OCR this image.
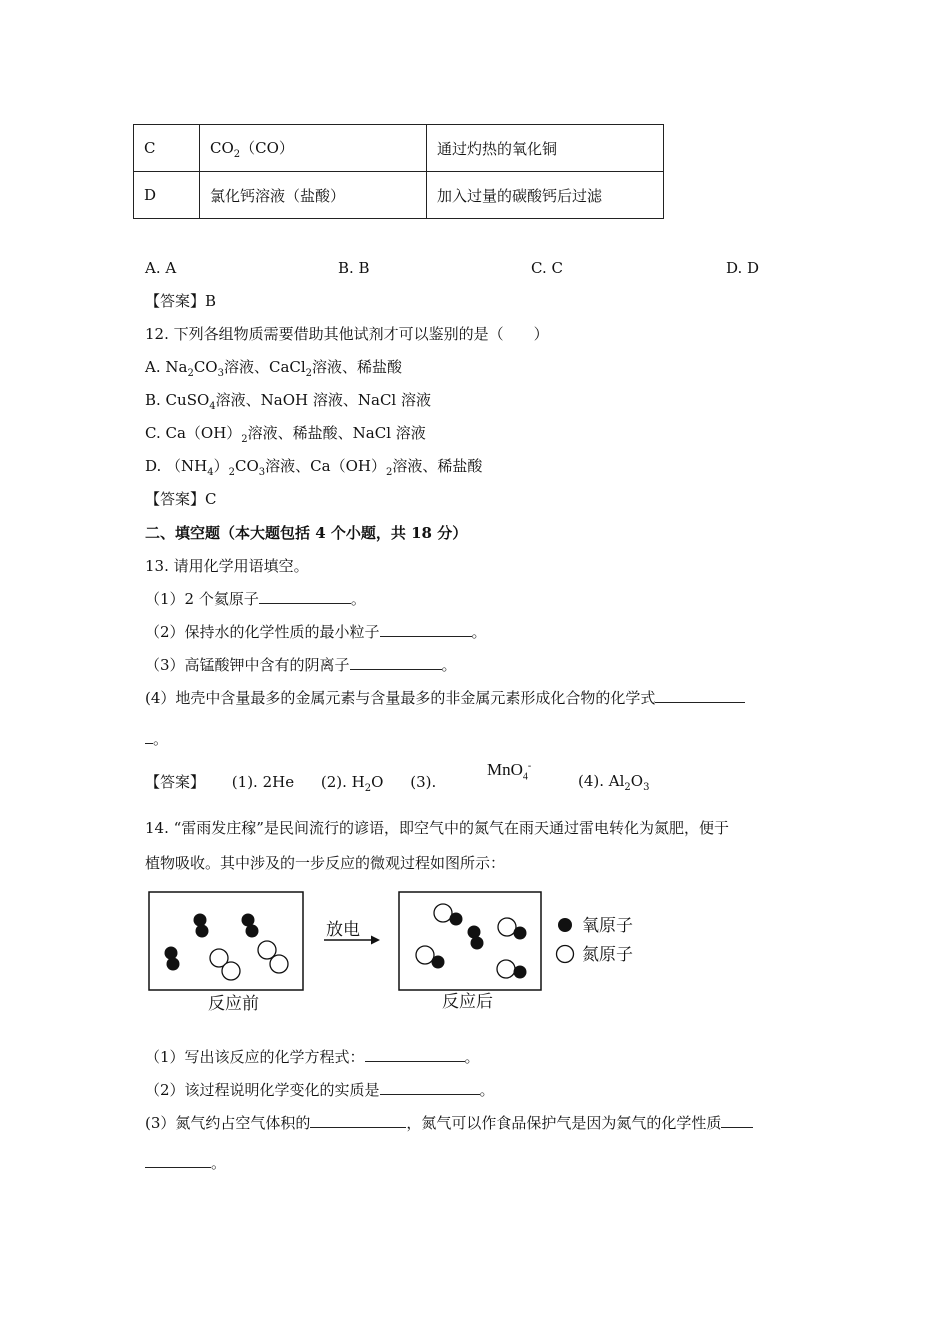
C	$CO_2(CO)$	通过灼热的氧化铜
D	氯化钙溶液（盐酸）	加入过量的碳酸钙后过滤
A. A	B. B	C. C	D. D
【答案】B
12. 下列各组物质需要借助其他试剂才可以鉴别的是（　　）
A. $Na_2CO_3$溶液、CaCl$_2$溶液、稀盐酸
B. CuSO$_4$溶液、NaOH 溶液、NaCl 溶液
C. $Ca(OH)_2$溶液、稀盐酸、NaCl 溶液
D. $(NH_4)_2CO_3$溶液、$Ca(OH)_2$溶液、稀盐酸
【答案】C
二、填空题（本大题包括 4 个小题，共 18 分）
13. 请用化学用语填空。
（1）2 个氦原子	。
（2）保持水的化学性质的最小粒子	。
（3）高锰酸钾中含有的阴离子	。
(4）地壳中含量最多的金属元素与含量最多的非金属元素形成化合物的化学式
。
【答案】 (1). 2He (2). $H_2O$ (3).
MnO$_4$-
(4). $Al_2O_3$
14. “雷雨发庄稼”是民间流行的谚语，即空气中的氮气在雨天通过雷电转化为氮肥，便于
植物吸收。其中涉及的一步反应的微观过程如图所示：
放电	氧原子
氮原子
反应前	反应后
（1）写出该反应的化学方程式：	。
（2）该过程说明化学变化的实质是	。
(3）氮气约占空气体积的	，氮气可以作食品保护气是因为氮气的化学性质
。
